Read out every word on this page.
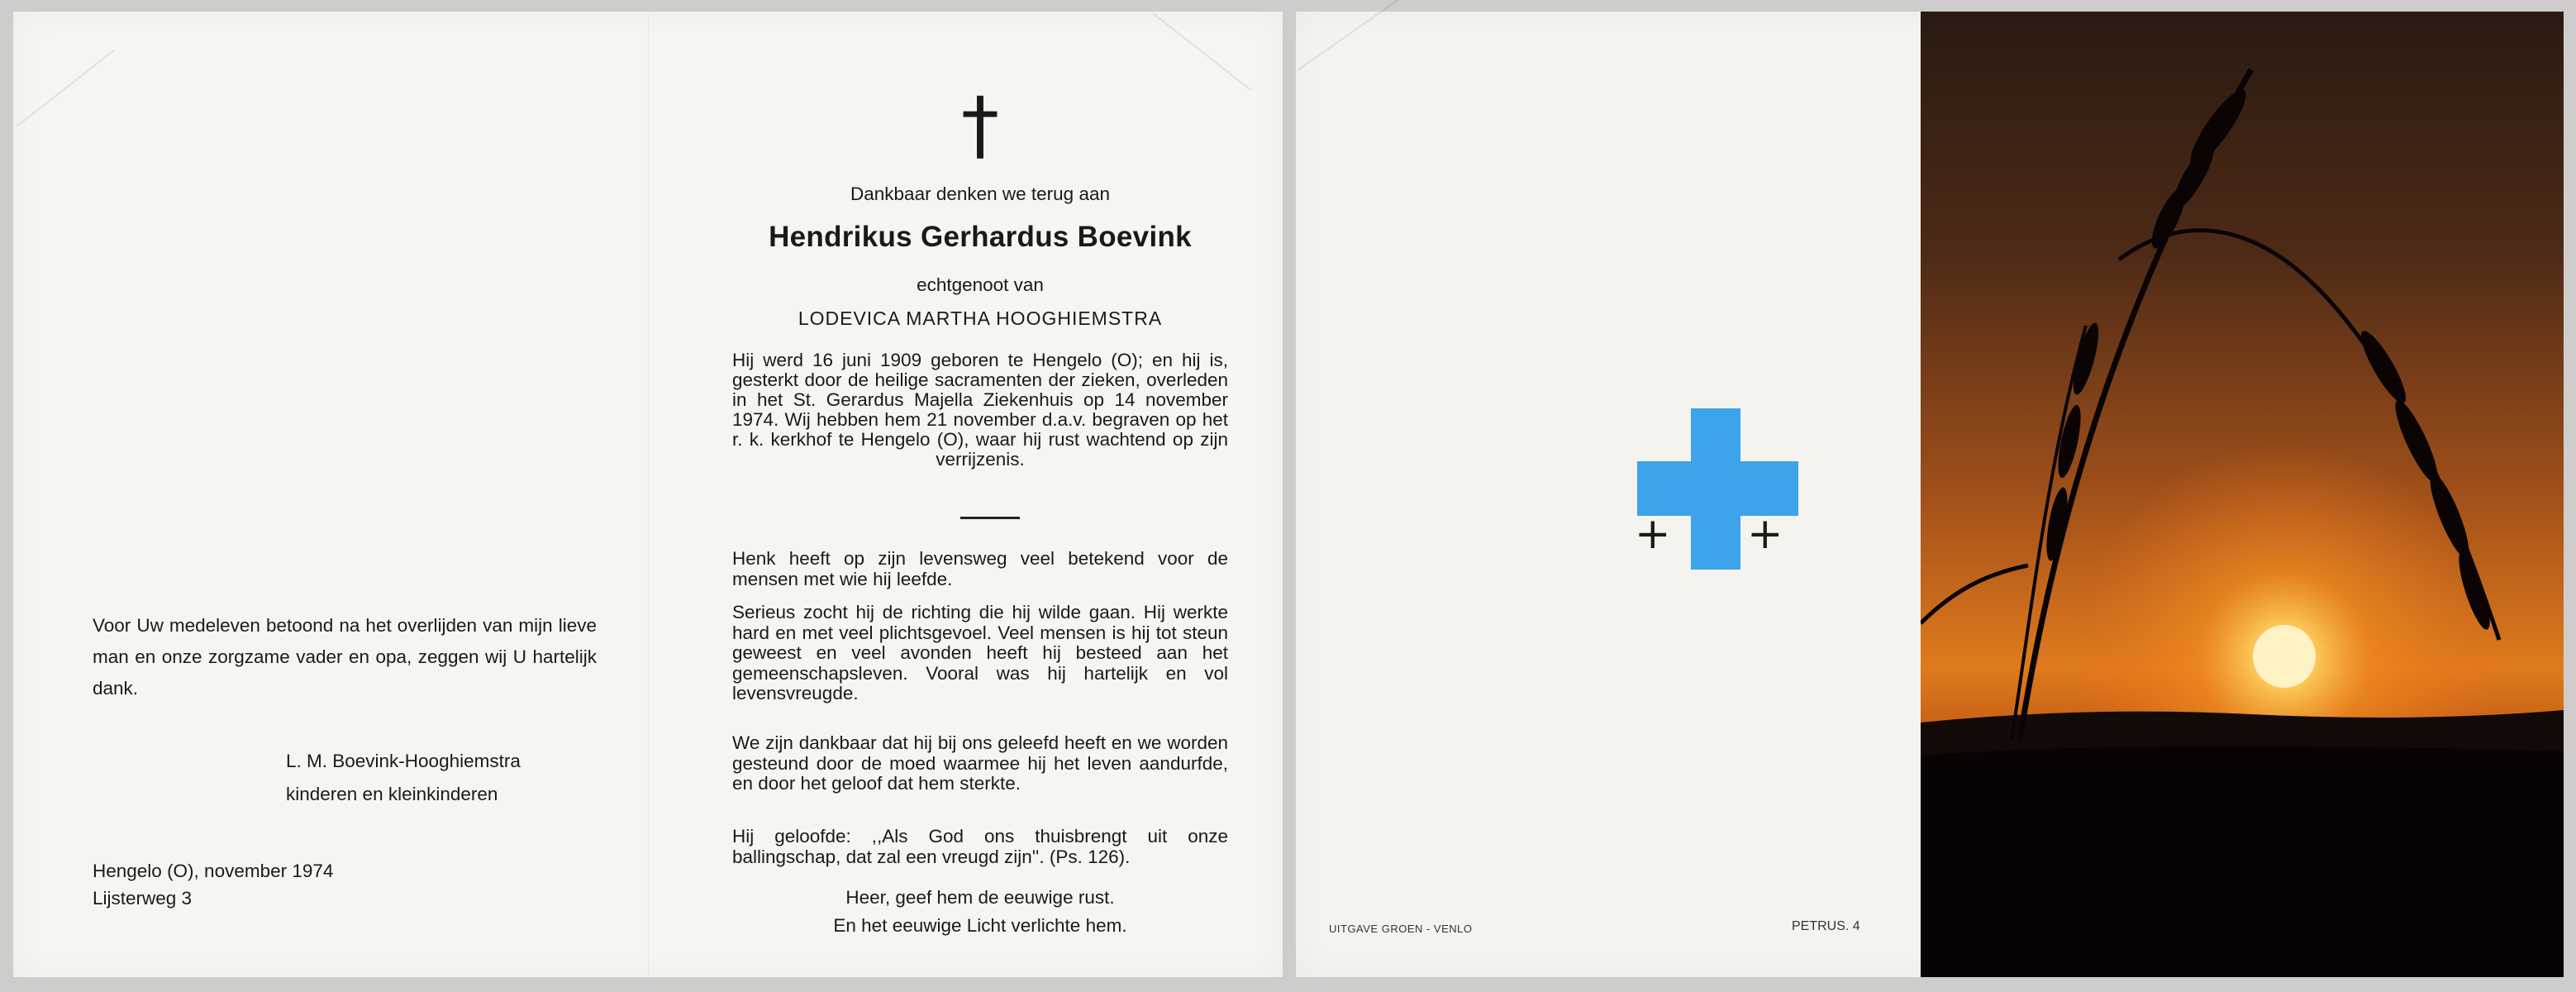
Voor Uw medeleven betoond na het overlijden van mijn lieve man en onze zorgzame vader en opa, zeggen wij U hartelijk dank.
L. M. Boevink-Hooghiemstra
kinderen en kleinkinderen
Hengelo (O), november 1974
Lijsterweg 3
†
Dankbaar denken we terug aan
Hendrikus Gerhardus Boevink
echtgenoot van
LODEVICA MARTHA HOOGHIEMSTRA
Hij werd 16 juni 1909 geboren te Hengelo (O); en hij is, gesterkt door de heilige sacramenten der zieken, overleden in het St. Gerardus Majella Ziekenhuis op 14 november 1974. Wij hebben hem 21 november d.a.v. begraven op het r. k. kerkhof te Hengelo (O), waar hij rust wachtend op zijn verrijzenis.
Henk heeft op zijn levensweg veel betekend voor de mensen met wie hij leefde.
Serieus zocht hij de richting die hij wilde gaan. Hij werkte hard en met veel plichtsgevoel. Veel mensen is hij tot steun geweest en veel avonden heeft hij besteed aan het gemeenschapsleven. Vooral was hij hartelijk en vol levensvreugde.
We zijn dankbaar dat hij bij ons geleefd heeft en we worden gesteund door de moed waarmee hij het leven aandurfde, en door het geloof dat hem sterkte.
Hij geloofde: ,,Als God ons thuisbrengt uit onze ballingschap, dat zal een vreugd zijn''. (Ps. 126).
Heer, geef hem de eeuwige rust.
En het eeuwige Licht verlichte hem.
+ +
UITGAVE GROEN - VENLO	PETRUS. 4
